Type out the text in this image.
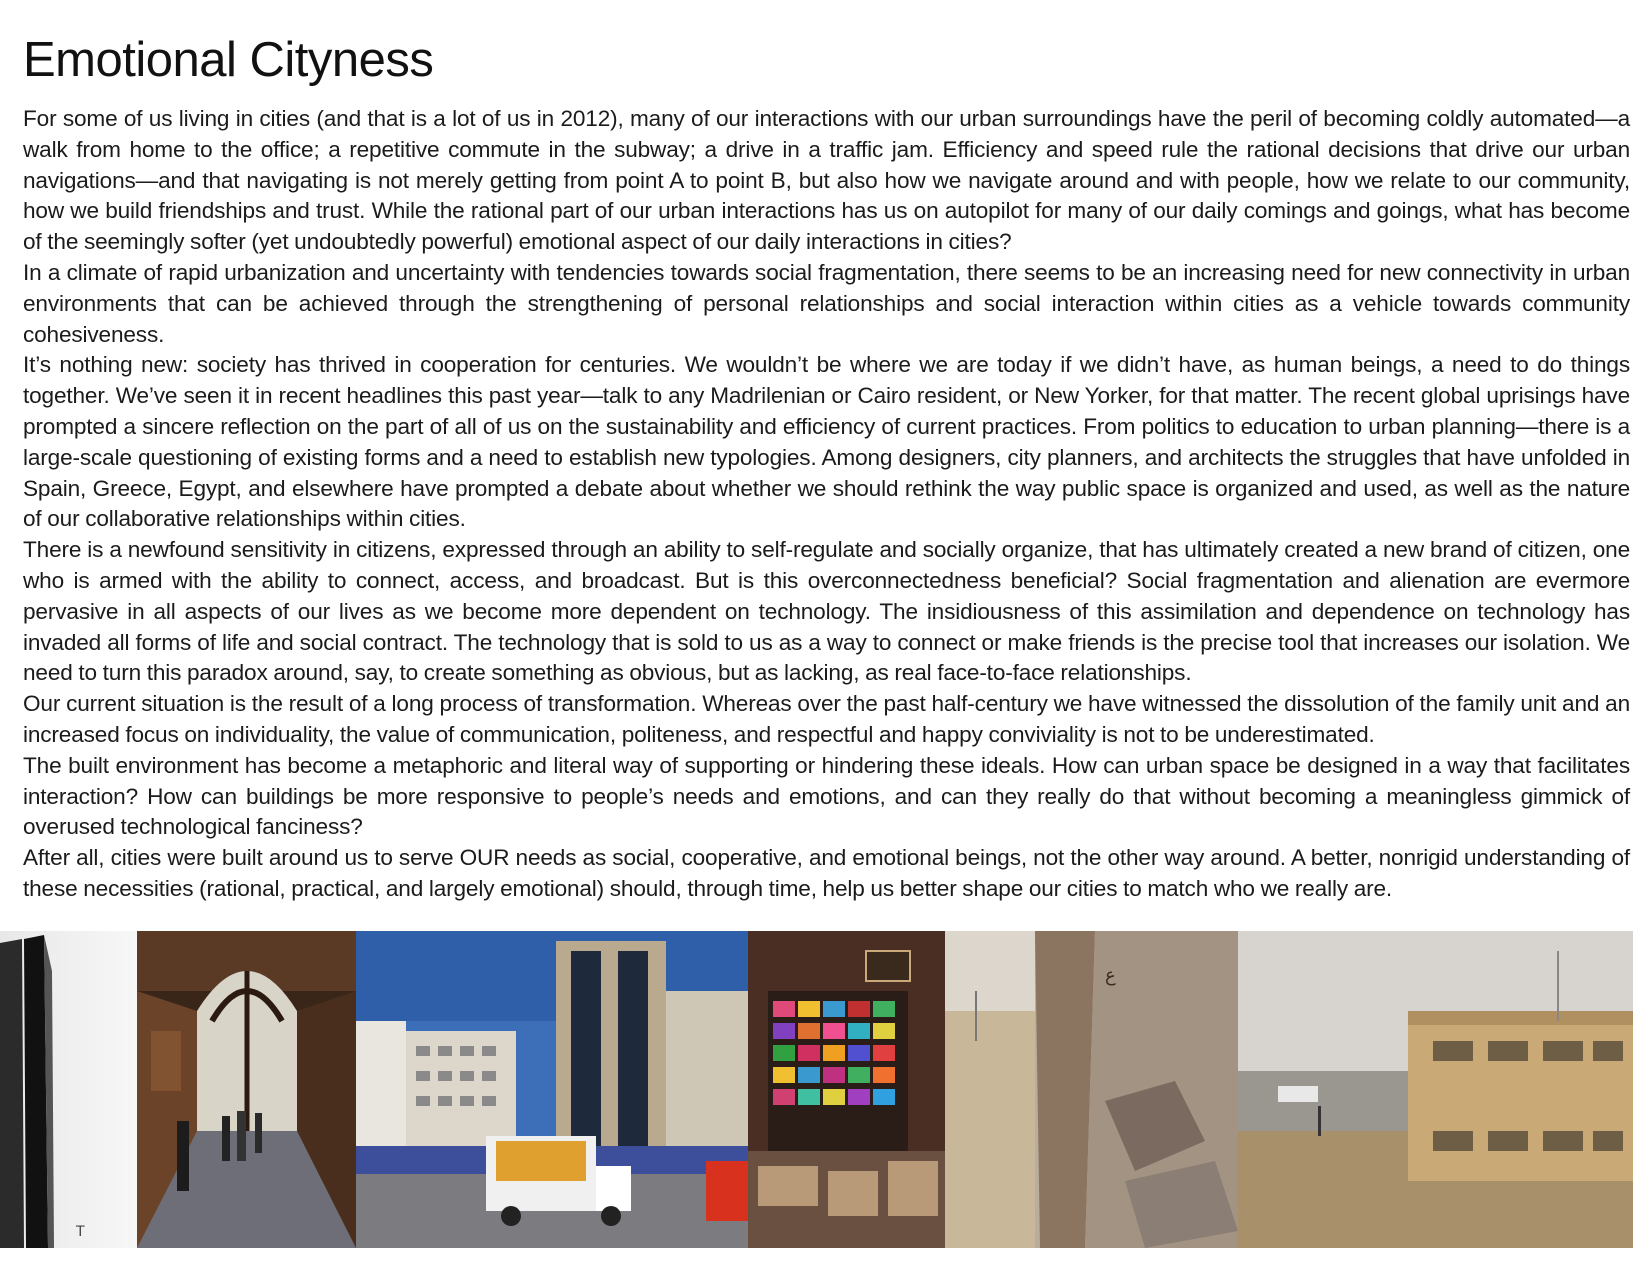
Emotional Cityness

For some of us living in cities (and that is a lot of us in 2012), many of our interactions with our urban surroundings have the peril of becoming coldly automated—a walk from home to the office; a repetitive commute in the subway; a drive in a traffic jam. Efficiency and speed rule the rational decisions that drive our urban navigations—and that navigating is not merely getting from point A to point B, but also how we navigate around and with people, how we relate to our community, how we build friendships and trust. While the rational part of our urban interactions has us on autopilot for many of our daily comings and goings, what has become of the seemingly softer (yet undoubtedly powerful) emotional aspect of our daily interactions in cities?

In a climate of rapid urbanization and uncertainty with tendencies towards social fragmentation, there seems to be an increasing need for new connectivity in urban environments that can be achieved through the strengthening of personal relationships and social interaction within cities as a vehicle towards community cohesiveness.

It’s nothing new: society has thrived in cooperation for centuries. We wouldn’t be where we are today if we didn’t have, as human beings, a need to do things together. We’ve seen it in recent headlines this past year—talk to any Madrilenian or Cairo resident, or New Yorker, for that matter. The recent global uprisings have prompted a sincere reflection on the part of all of us on the sustainability and efficiency of current practices. From politics to education to urban planning—there is a large-scale questioning of existing forms and a need to establish new typologies. Among designers, city planners, and architects the struggles that have unfolded in Spain, Greece, Egypt, and elsewhere have prompted a debate about whether we should rethink the way public space is organized and used, as well as the nature of our collaborative relationships within cities.

There is a newfound sensitivity in citizens, expressed through an ability to self-regulate and socially organize, that has ultimately created a new brand of citizen, one who is armed with the ability to connect, access, and broadcast. But is this overconnectedness beneficial? Social fragmentation and alienation are evermore pervasive in all aspects of our lives as we become more dependent on technology. The insidiousness of this assimilation and dependence on technology has invaded all forms of life and social contract. The technology that is sold to us as a way to connect or make friends is the precise tool that increases our isolation. We need to turn this paradox around, say, to create something as obvious, but as lacking, as real face-to-face relationships.

Our current situation is the result of a long process of transformation. Whereas over the past half-century we have witnessed the dissolution of the family unit and an increased focus on individuality, the value of communication, politeness, and respectful and happy conviviality is not to be underestimated.

The built environment has become a metaphoric and literal way of supporting or hindering these ideals. How can urban space be designed in a way that facilitates interaction? How can buildings be more responsive to people’s needs and emotions, and can they really do that without becoming a meaningless gimmick of overused technological fanciness?

After all, cities were built around us to serve OUR needs as social, cooperative, and emotional beings, not the other way around. A better, nonrigid understanding of these necessities (rational, practical, and largely emotional) should, through time, help us better shape our cities to match who we really are.

T
ﻉ
